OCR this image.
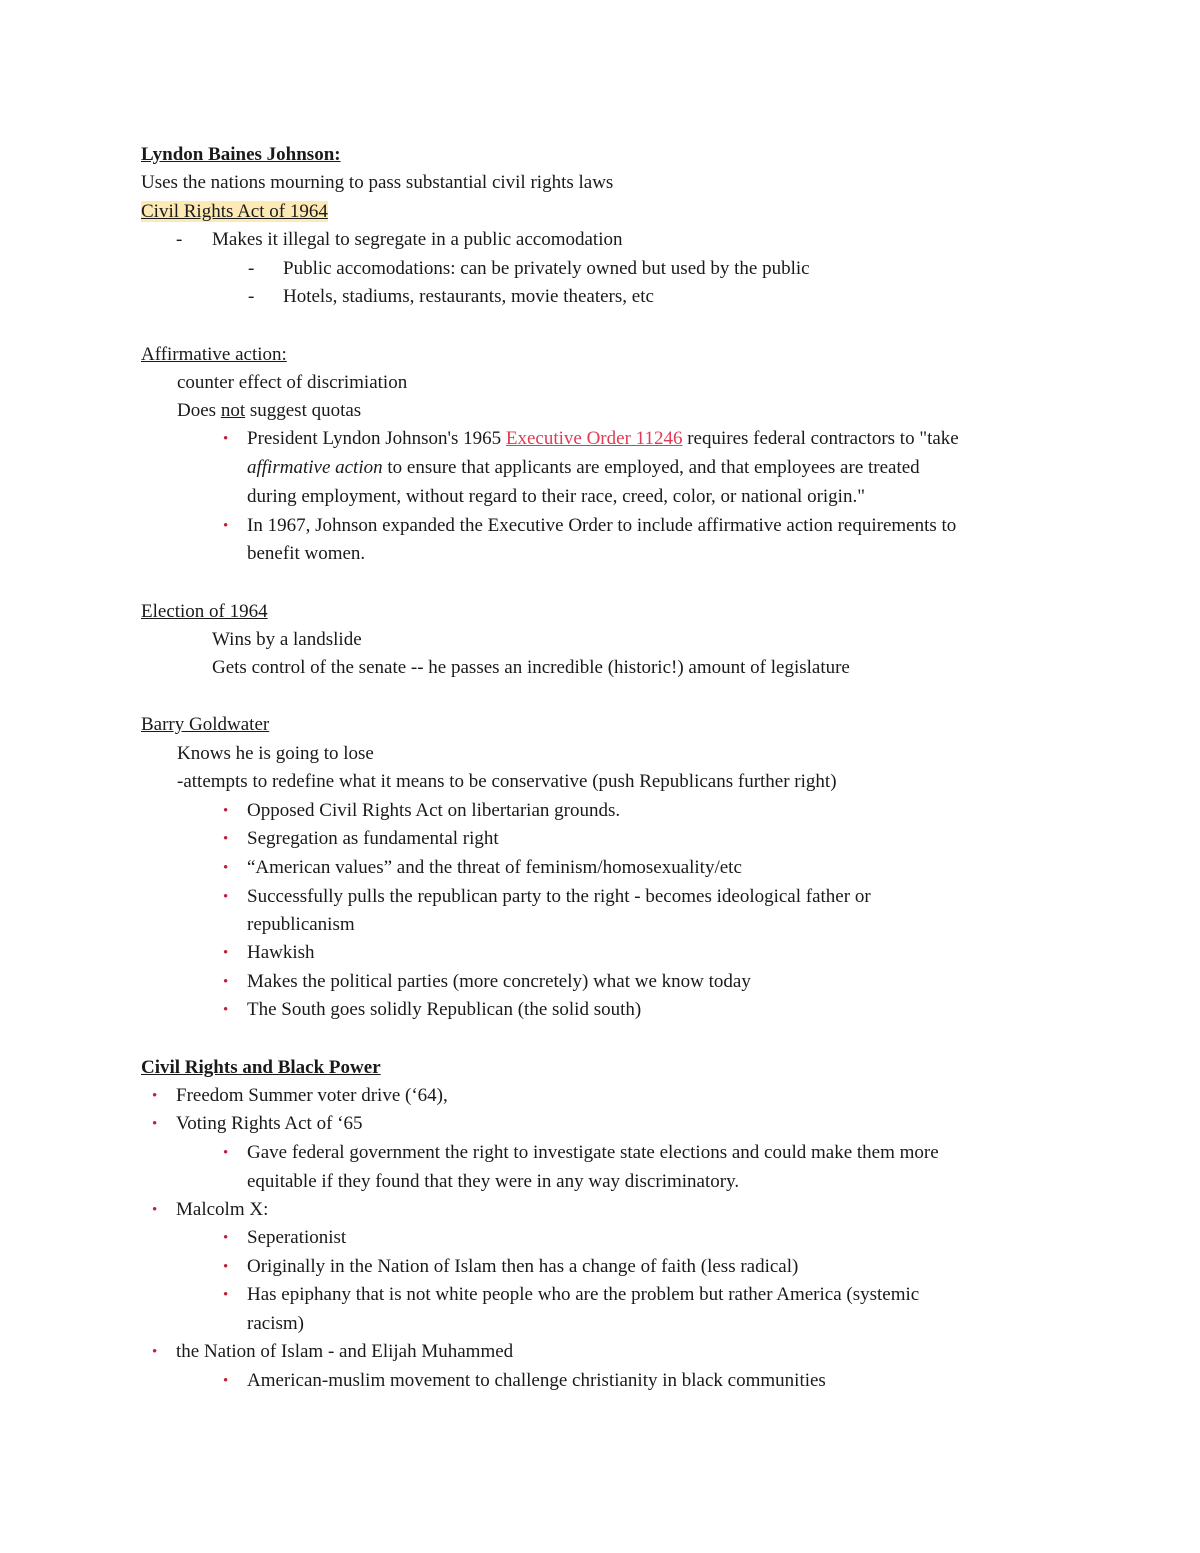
Lyndon Baines Johnson:
Uses the nations mourning to pass substantial civil rights laws
Civil Rights Act of 1964
- Makes it illegal to segregate in a public accomodation
- Public accomodations: can be privately owned but used by the public
- Hotels, stadiums, restaurants, movie theaters, etc
Affirmative action:
counter effect of discrimiation
Does not suggest quotas
• President Lyndon Johnson's 1965 Executive Order 11246 requires federal contractors to "take
affirmative action to ensure that applicants are employed, and that employees are treated
during employment, without regard to their race, creed, color, or national origin."
• In 1967, Johnson expanded the Executive Order to include affirmative action requirements to
benefit women.
Election of 1964
Wins by a landslide
Gets control of the senate -- he passes an incredible (historic!) amount of legislature
Barry Goldwater
Knows he is going to lose
-attempts to redefine what it means to be conservative (push Republicans further right)
• Opposed Civil Rights Act on libertarian grounds.
• Segregation as fundamental right
• “American values” and the threat of feminism/homosexuality/etc
• Successfully pulls the republican party to the right - becomes ideological father or
republicanism
• Hawkish
• Makes the political parties (more concretely) what we know today
• The South goes solidly Republican (the solid south)
Civil Rights and Black Power
• Freedom Summer voter drive (‘64),
• Voting Rights Act of ‘65
• Gave federal government the right to investigate state elections and could make them more
equitable if they found that they were in any way discriminatory.
• Malcolm X:
• Seperationist
• Originally in the Nation of Islam then has a change of faith (less radical)
• Has epiphany that is not white people who are the problem but rather America (systemic
racism)
• the Nation of Islam - and Elijah Muhammed
• American-muslim movement to challenge christianity in black communities
